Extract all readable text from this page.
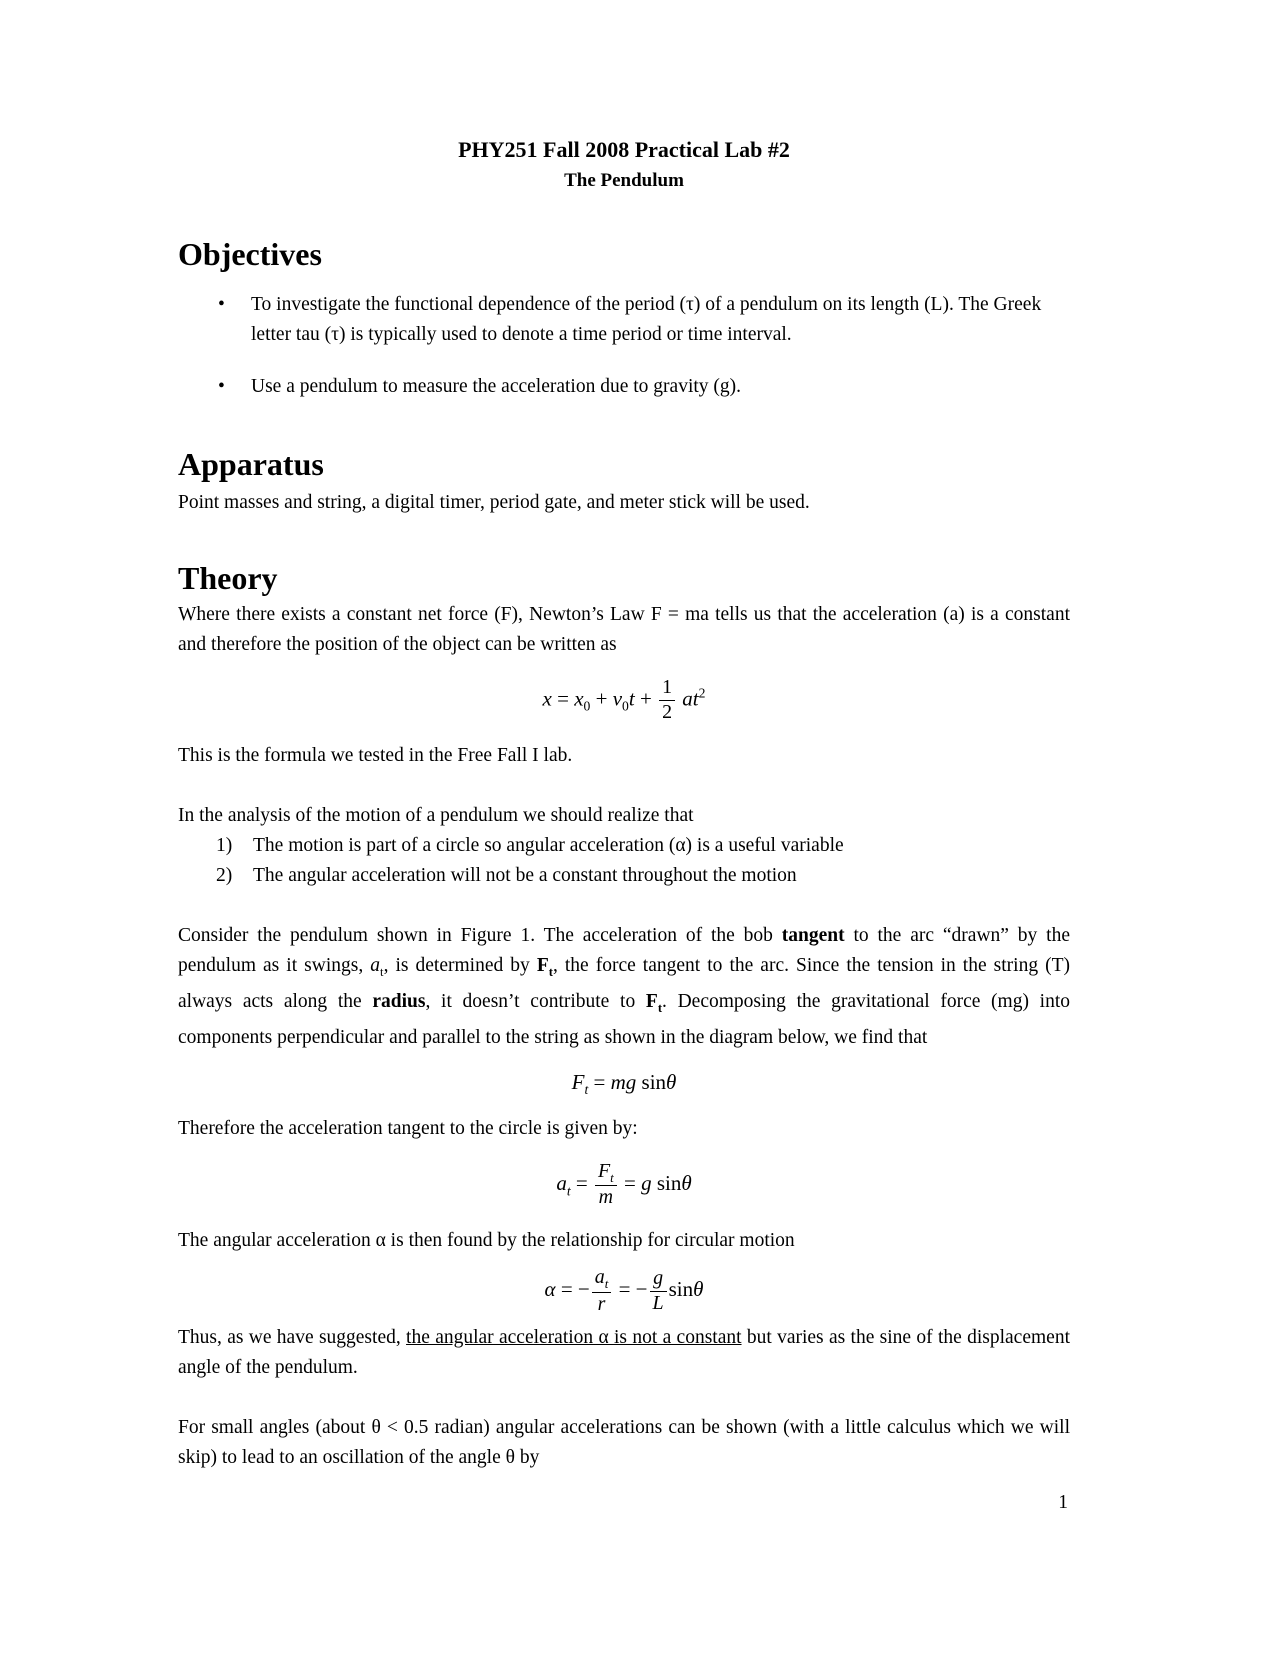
PHY251 Fall 2008 Practical Lab #2
The Pendulum
Objectives
•	To investigate the functional dependence of the period (τ) of a pendulum on its length (L). The Greek letter tau (τ) is typically used to denote a time period or time interval.
•	Use a pendulum to measure the acceleration due to gravity (g).
Apparatus

Point masses and string, a digital timer, period gate, and meter stick will be used.

Theory

Where there exists a constant net force (F), Newton’s Law F = ma tells us that the acceleration (a) is a constant and therefore the position of the object can be written as

$x = x_0 + v_0t + \frac{1}{2} at^2$

This is the formula we tested in the Free Fall I lab.

In the analysis of the motion of a pendulum we should realize that

1)	The motion is part of a circle so angular acceleration (α) is a useful variable
2)	The angular acceleration will not be a constant throughout the motion

Consider the pendulum shown in Figure 1. The acceleration of the bob tangent to the arc “drawn” by the pendulum as it swings, $a_t$, is determined by $F_t$, the force tangent to the arc. Since the tension in the string (T) always acts along the radius, it doesn’t contribute to $F_t$. Decomposing the gravitational force (mg) into components perpendicular and parallel to the string as shown in the diagram below, we find that

$F_t$ = mg sinθ

Therefore the acceleration tangent to the circle is given by:

$a_t = \frac{F_t}{m} = g$ sinθ

The angular acceleration α is then found by the relationship for circular motion

α = − $\frac{a_t}{r}$ = − $\frac{g}{L}$ sinθ

Thus, as we have suggested, the angular acceleration α is not a constant but varies as the sine of the displacement angle of the pendulum.

For small angles (about θ < 0.5 radian) angular accelerations can be shown (with a little calculus which we will skip) to lead to an oscillation of the angle θ by

1
